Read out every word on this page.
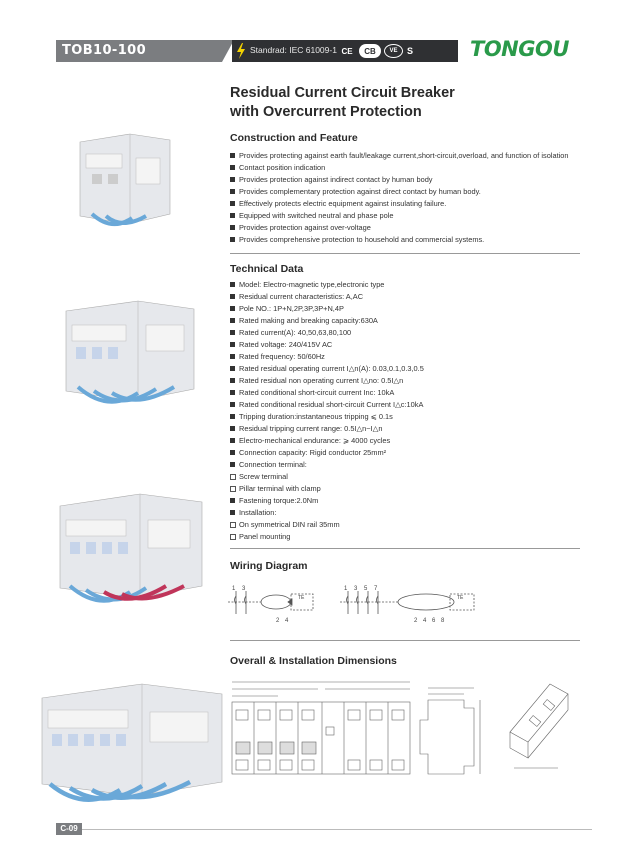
TOB10-100	Standrad: IEC 61009-1 CE	CB	VE	S	TONGOU
Residual Current Circuit Breaker
with Overcurrent Protection
Construction and Feature
Provides protecting against earth fault/leakage current,short-circuit,overload, and function of isolation
Contact position indication
Provides protection against indirect contact by human body
Provides complementary protection against direct contact by human body.
Effectively protects electric equipment against insulating failure.
Equipped with switched neutral and phase pole
Provides protection against over-voltage
Provides comprehensive protection to household and commercial systems.
Technical Data
Model: Electro-magnetic type,electronic type
Residual current characteristics: A,AC
Pole NO.: 1P+N,2P,3P,3P+N,4P
Rated making and breaking capacity:630A
Rated current(A): 40,50,63,80,100
Rated voltage: 240/415V AC
Rated frequency: 50/60Hz
Rated residual operating current I△n(A): 0.03,0.1,0.3,0.5
Rated residual non operating current I△no: 0.5I△n
Rated conditional short-circuit current Inc: 10kA
Rated conditional residual short-circuit Current I△c:10kA
Tripping duration:instantaneous tripping ⩽ 0.1s
Residual tripping current range: 0.5I△n~I△n
Electro-mechanical endurance: ⩾ 4000 cycles
Connection capacity: Rigid conductor 25mm²
Connection terminal:
Screw terminal
Pillar terminal with clamp
Fastening torque:2.0Nm
Installation:
On symmetrical DIN rail 35mm
Panel mounting
Wiring Diagram
1 3
2 4
TE
1 3 5 7
2 4 6 8
TE
Overall & Installation Dimensions
C-09
